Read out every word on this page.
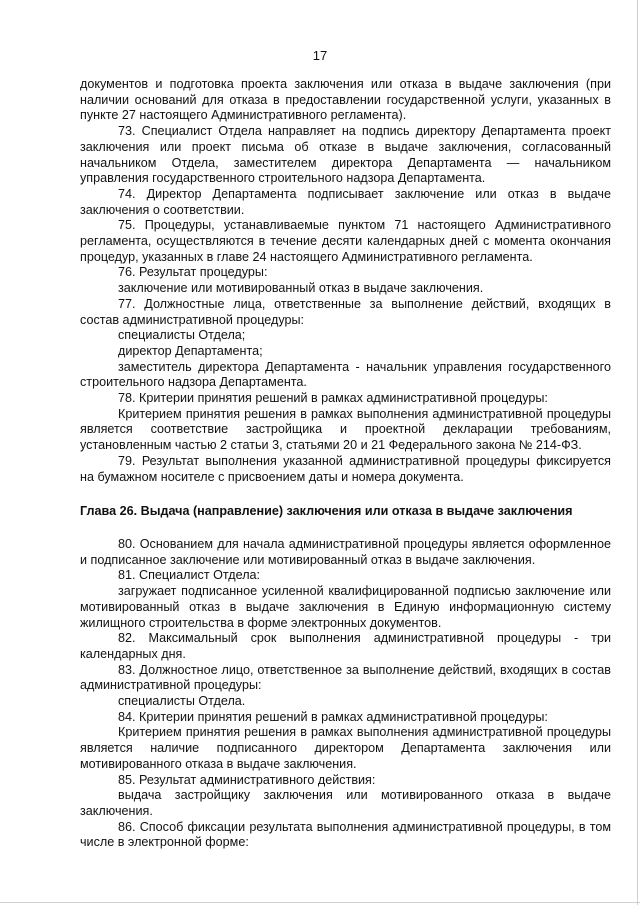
17

документов и подготовка проекта заключения или отказа в выдаче заключения (при наличии оснований для отказа в предоставлении государственной услуги, указанных в пункте 27 настоящего Административного регламента).

73. Специалист Отдела направляет на подпись директору Департамента проект заключения или проект письма об отказе в выдаче заключения, согласованный начальником Отдела, заместителем директора Департамента — начальником управления государственного строительного надзора Департамента.

74. Директор Департамента подписывает заключение или отказ в выдаче заключения о соответствии.

75. Процедуры, устанавливаемые пунктом 71 настоящего Административного регламента, осуществляются в течение десяти календарных дней с момента окончания процедур, указанных в главе 24 настоящего Административного регламента.

76. Результат процедуры:

заключение или мотивированный отказ в выдаче заключения.

77. Должностные лица, ответственные за выполнение действий, входящих в состав административной процедуры:

специалисты Отдела;

директор Департамента;

заместитель директора Департамента - начальник управления государственного строительного надзора Департамента.

78. Критерии принятия решений в рамках административной процедуры:

Критерием принятия решения в рамках выполнения административной процедуры является соответствие застройщика и проектной декларации требованиям, установленным частью 2 статьи 3, статьями 20 и 21 Федерального закона № 214-ФЗ.

79. Результат выполнения указанной административной процедуры фиксируется на бумажном носителе с присвоением даты и номера документа.

Глава 26. Выдача (направление) заключения или отказа в выдаче заключения

80. Основанием для начала административной процедуры является оформленное и подписанное заключение или мотивированный отказ в выдаче заключения.

81. Специалист Отдела:

загружает подписанное усиленной квалифицированной подписью заключение или мотивированный отказ в выдаче заключения в Единую информационную систему жилищного строительства в форме электронных документов.

82. Максимальный срок выполнения административной процедуры - три календарных дня.

83. Должностное лицо, ответственное за выполнение действий, входящих в состав административной процедуры:

специалисты Отдела.

84. Критерии принятия решений в рамках административной процедуры:

Критерием принятия решения в рамках выполнения административной процедуры является наличие подписанного директором Департамента заключения или мотивированного отказа в выдаче заключения.

85. Результат административного действия:

выдача застройщику заключения или мотивированного отказа в выдаче заключения.

86. Способ фиксации результата выполнения административной процедуры, в том числе в электронной форме:
